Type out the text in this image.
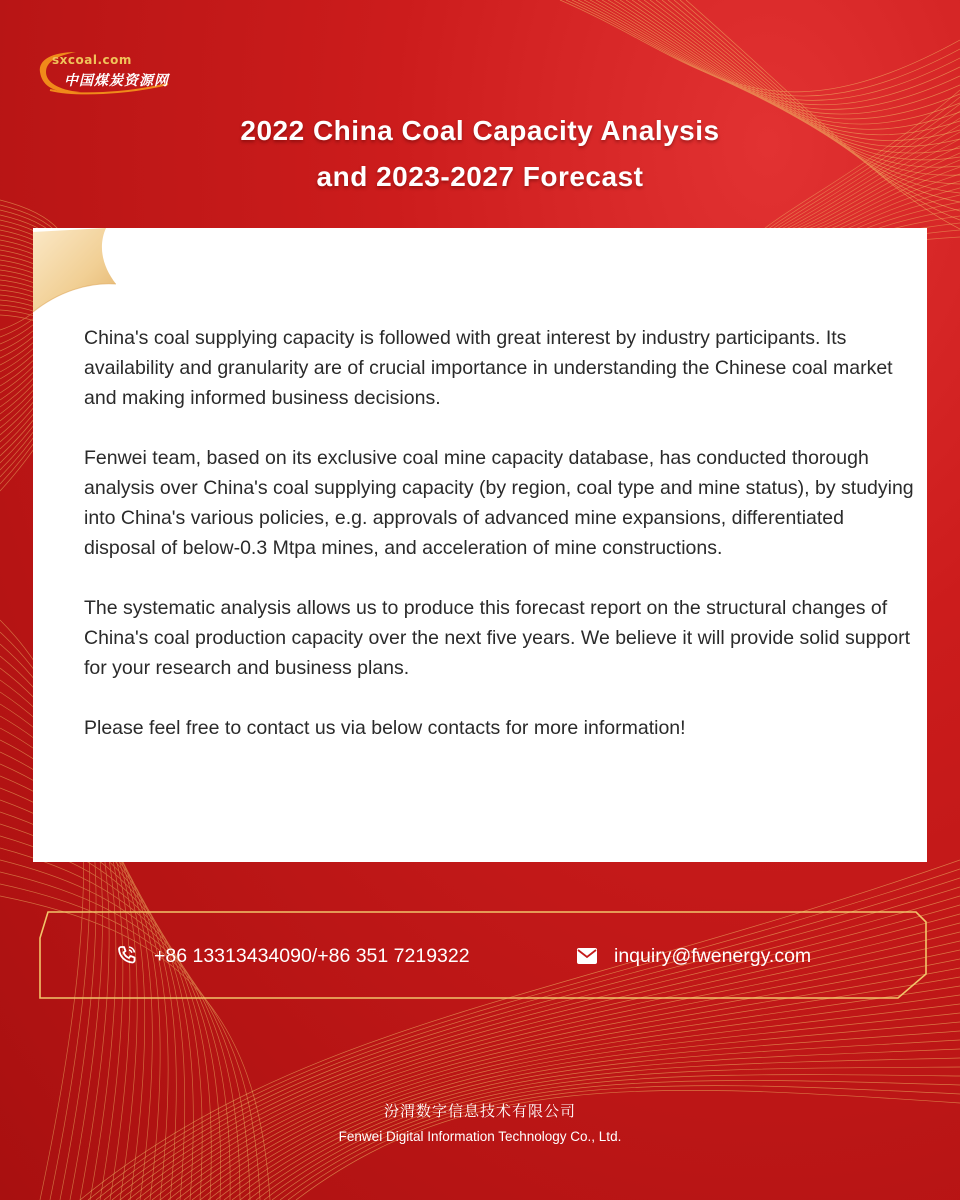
sxcoal.com
中国煤炭资源网
2022 China Coal Capacity Analysis
and 2023-2027 Forecast

China's coal supplying capacity is followed with great interest by industry participants. Its availability and granularity are of crucial importance in understanding the Chinese coal market and making informed business decisions.

Fenwei team, based on its exclusive coal mine capacity database, has conducted thorough analysis over China's coal supplying capacity (by region, coal type and mine status), by studying into China's various policies, e.g. approvals of advanced mine expansions, differentiated disposal of below-0.3 Mtpa mines, and acceleration of mine constructions.

The systematic analysis allows us to produce this forecast report on the structural changes of China's coal production capacity over the next five years. We believe it will provide solid support for your research and business plans.

Please feel free to contact us via below contacts for more information!

+86 13313434090/+86 351 7219322	inquiry@fwenergy.com
汾渭数字信息技术有限公司
Fenwei Digital Information Technology Co., Ltd.
